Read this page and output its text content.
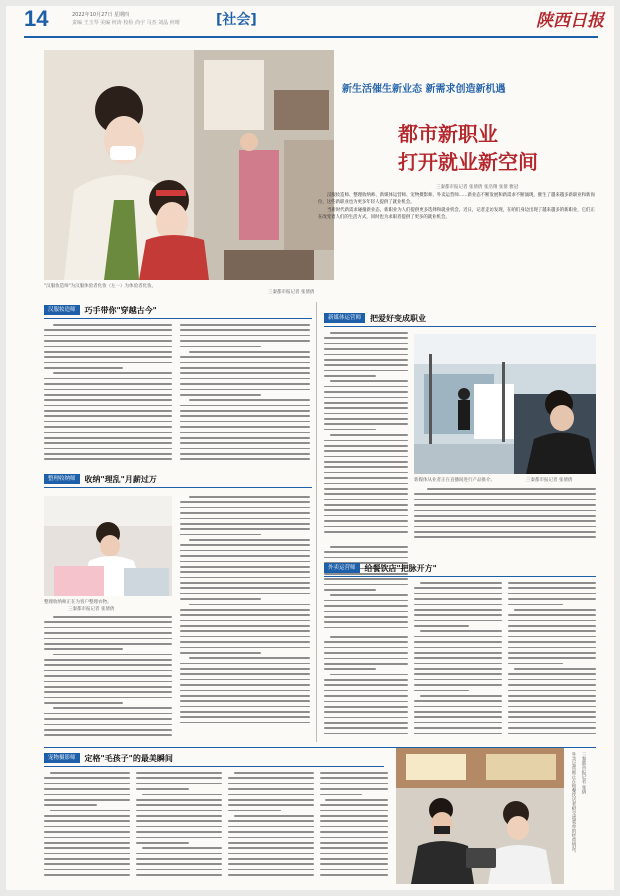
14	2022年10月27日 星期四
责编 王玉琴 美编 何涛 校检 尚宇 马杰 刘晶 何晴	[社会]	陕西日报
"汉服妆造师"为汉服体验者化妆（左一）为体验者化妆。
三秦都市报记者 张倩倩
新生活催生新业态 新需求创造新机遇
都市新职业
打开就业新空间
三秦都市报记者 张倩倩 张浩翔 张倩 雅冠

汉服妆造师、整理收纳师、新媒体运营师、宠物摄影师、外卖运营师……新业态不断发展和新需求不断涌现，催生了越来越多新职业和新岗位，这些新职业也为更多年轻人提供了就业机会。

当新时代新需求碰撞新业态，新职业为人们提供更多选择和就业机会。近日，记者走访发现，在咱们身边出现了越来越多的新职业，它们正在改变着人们的生活方式，同时也为求职者提供了更多的就业机会。

汉服妆造师	巧手带你"穿越古今"
整理收纳师	收纳"理乱"月薪过万
整理收纳师正在为客户整理衣物。
三秦都市报记者 张倩倩
新媒体运营师	把爱好变成职业
新媒体从业者正在直播间进行产品推介。	三秦都市报记者 张倩倩
外卖运营师	给餐饮店"把脉开方"
宠物摄影师	定格"毛孩子"的最美瞬间	外卖运营师正在和餐饮店老板交流菜单的经营情况。 三秦都市报记者 张倩
